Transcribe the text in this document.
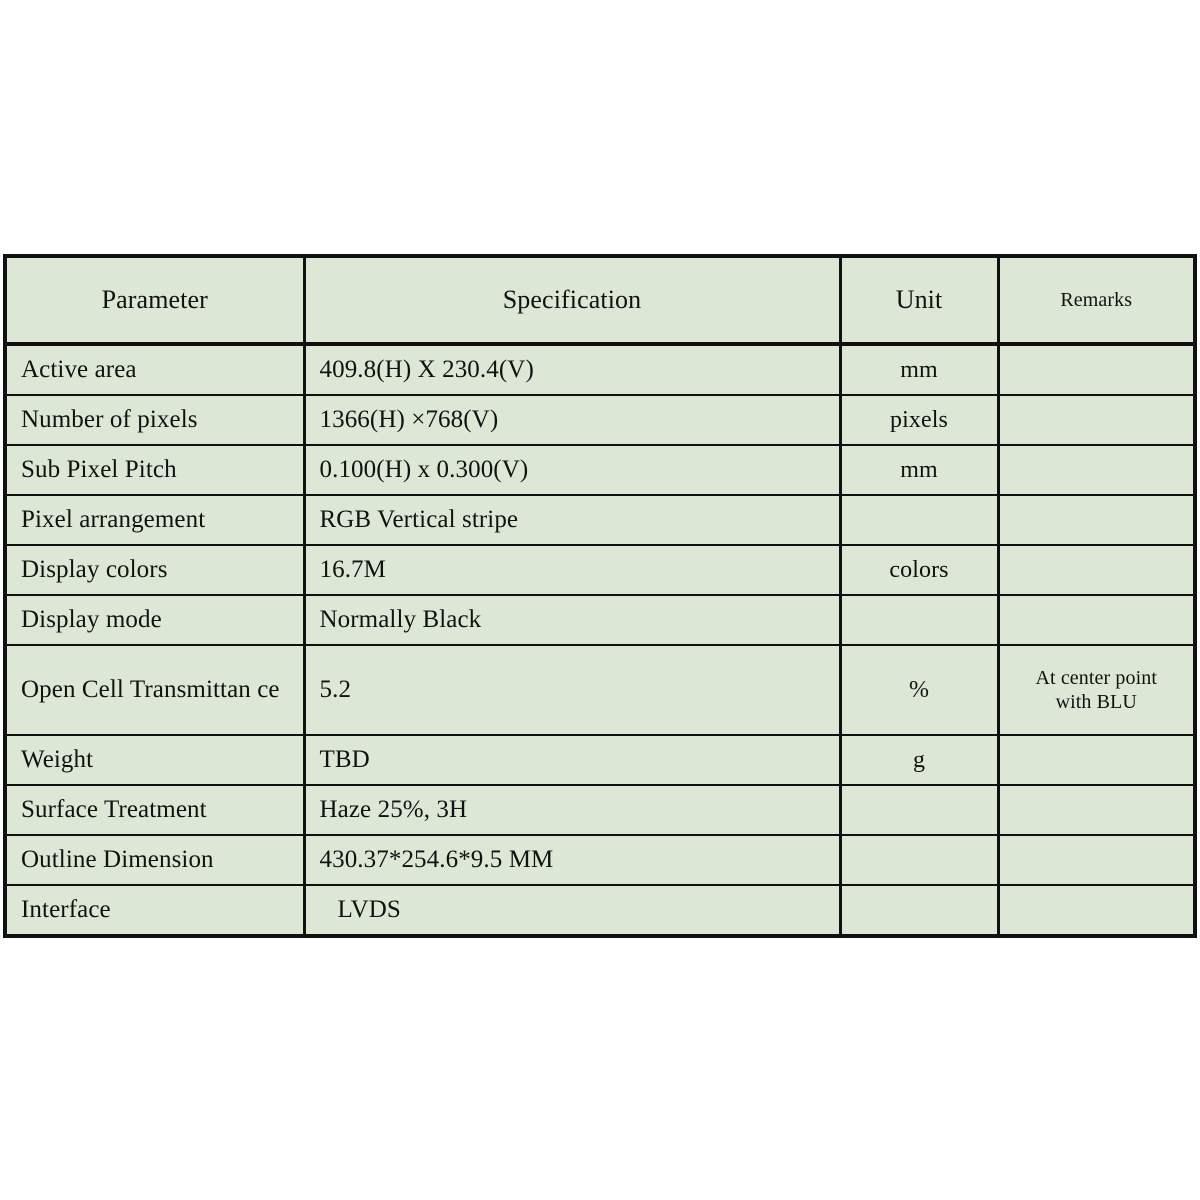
Parameter	Specification	Unit	Remarks
Active area	409.8(H) X 230.4(V)	mm	
Number of pixels	1366(H) ×768(V)	pixels	
Sub Pixel Pitch	0.100(H) x 0.300(V)	mm	
Pixel arrangement	RGB Vertical stripe		
Display colors	16.7M	colors	
Display mode	Normally Black		
Open Cell Transmittan ce	5.2	%	At center point
with BLU
Weight	TBD	g	
Surface Treatment	Haze 25%, 3H		
Outline Dimension	430.37*254.6*9.5 MM		
Interface	LVDS		
